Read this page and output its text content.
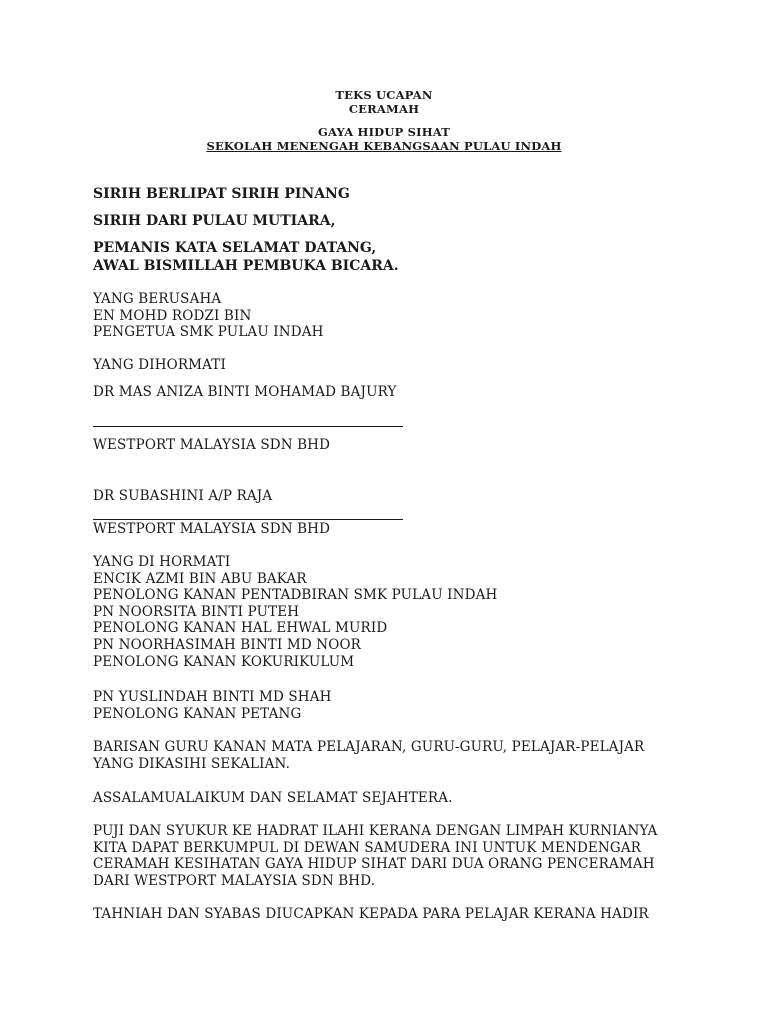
TEKS UCAPAN
CERAMAH
GAYA HIDUP SIHAT
SEKOLAH MENENGAH KEBANGSAAN PULAU INDAH
SIRIH BERLIPAT SIRIH PINANG
SIRIH DARI PULAU MUTIARA,
PEMANIS KATA SELAMAT DATANG,
AWAL BISMILLAH PEMBUKA BICARA.
YANG BERUSAHA
EN MOHD RODZI BIN
PENGETUA SMK PULAU INDAH
YANG DIHORMATI
DR MAS ANIZA BINTI MOHAMAD BAJURY
WESTPORT MALAYSIA SDN BHD
DR SUBASHINI A/P RAJA
WESTPORT MALAYSIA SDN BHD
YANG DI HORMATI
ENCIK AZMI BIN ABU BAKAR
PENOLONG KANAN PENTADBIRAN SMK PULAU INDAH
PN NOORSITA BINTI PUTEH
PENOLONG KANAN HAL EHWAL MURID
PN NOORHASIMAH BINTI MD NOOR
PENOLONG KANAN KOKURIKULUM
PN YUSLINDAH BINTI MD SHAH
PENOLONG KANAN PETANG
BARISAN GURU KANAN MATA PELAJARAN, GURU-GURU, PELAJAR-PELAJAR
YANG DIKASIHI SEKALIAN.
ASSALAMUALAIKUM DAN SELAMAT SEJAHTERA.
PUJI DAN SYUKUR KE HADRAT ILAHI KERANA DENGAN LIMPAH KURNIANYA
KITA DAPAT BERKUMPUL DI DEWAN SAMUDERA INI UNTUK MENDENGAR
CERAMAH KESIHATAN GAYA HIDUP SIHAT DARI DUA ORANG PENCERAMAH
DARI WESTPORT MALAYSIA SDN BHD.
TAHNIAH DAN SYABAS DIUCAPKAN KEPADA PARA PELAJAR KERANA HADIR
